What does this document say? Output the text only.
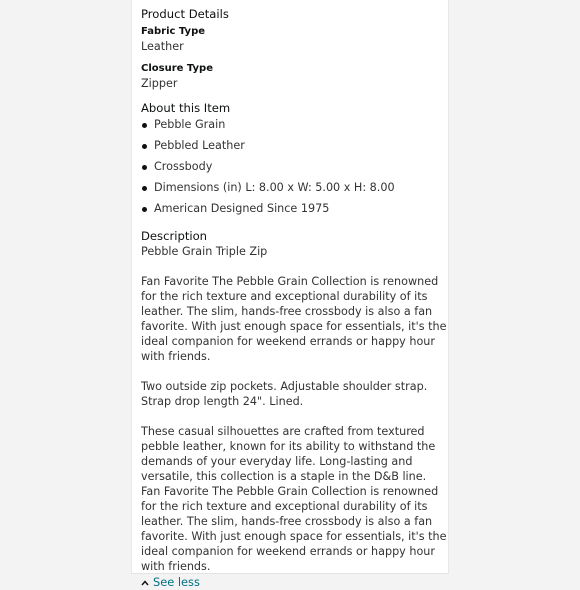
Product Details

Fabric Type
Leather
Closure Type
Zipper

About this Item

Pebble Grain
Pebbled Leather
Crossbody
Dimensions (in) L: 8.00 x W: 5.00 x H: 8.00
American Designed Since 1975

Description

Pebble Grain Triple Zip

Fan Favorite The Pebble Grain Collection is renowned for the rich texture and exceptional durability of its leather. The slim, hands-free crossbody is also a fan favorite. With just enough space for essentials, it's the ideal companion for weekend errands or happy hour with friends.

Two outside zip pockets. Adjustable shoulder strap. Strap drop length 24". Lined.

These casual silhouettes are crafted from textured pebble leather, known for its ability to withstand the demands of your everyday life. Long-lasting and versatile, this collection is a staple in the D&B line.

Fan Favorite The Pebble Grain Collection is renowned for the rich texture and exceptional durability of its leather. The slim, hands-free crossbody is also a fan favorite. With just enough space for essentials, it's the ideal companion for weekend errands or happy hour with friends.

See less
